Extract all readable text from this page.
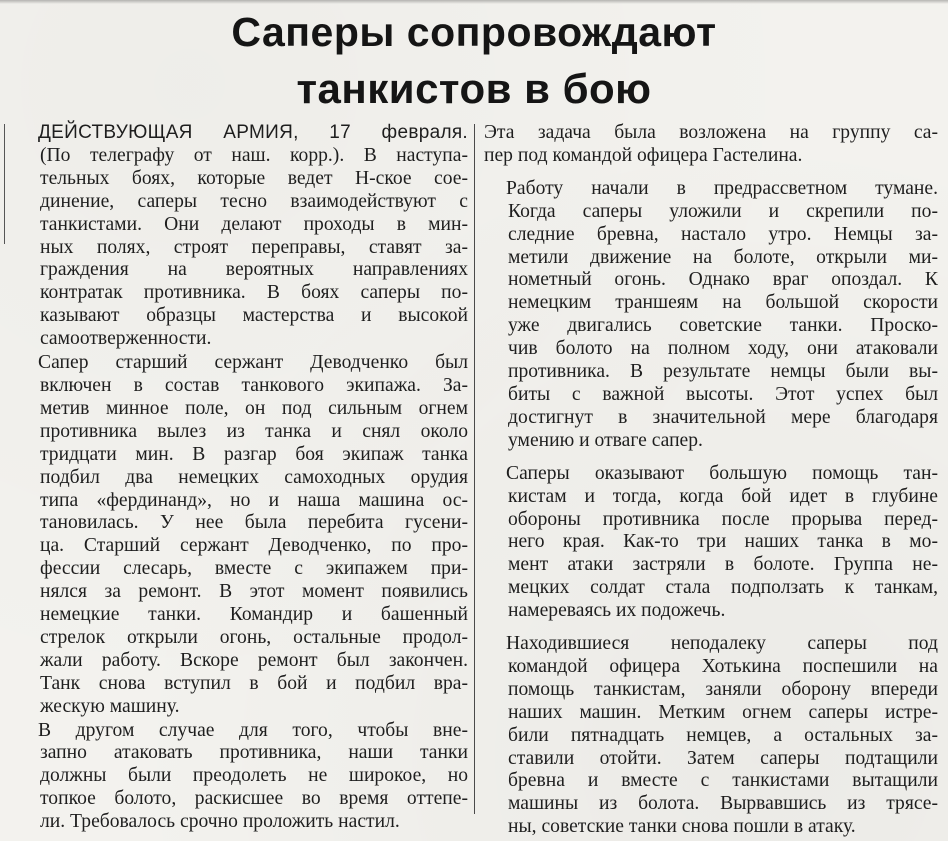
Саперы сопровождают
танкистов в бою

ДЕЙСТВУЮЩАЯ АРМИЯ, 17 февраля.
(По телеграфу от наш. корр.). В наступа-
тельных боях, которые ведет Н-ское сое-
динение, саперы тесно взаимодействуют с
танкистами. Они делают проходы в мин-
ных полях, строят переправы, ставят за-
граждения на вероятных направлениях
контратак противника. В боях саперы по-
казывают образцы мастерства и высокой
самоотверженности.

Сапер старший сержант Деводченко был
включен в состав танкового экипажа. За-
метив минное поле, он под сильным огнем
противника вылез из танка и снял около
тридцати мин. В разгар боя экипаж танка
подбил два немецких самоходных орудия
типа «фердинанд», но и наша машина ос-
тановилась. У нее была перебита гусени-
ца. Старший сержант Деводченко, по про-
фессии слесарь, вместе с экипажем при-
нялся за ремонт. В этот момент появились
немецкие танки. Командир и башенный
стрелок открыли огонь, остальные продол-
жали работу. Вскоре ремонт был закончен.
Танк снова вступил в бой и подбил вра-
жескую машину.

В другом случае для того, чтобы вне-
запно атаковать противника, наши танки
должны были преодолеть не широкое, но
топкое болото, раскисшее во время оттепе-
ли. Требовалось срочно проложить настил.

Эта задача была возложена на группу са-
пер под командой офицера Гастелина.

Работу начали в предрассветном тумане.
Когда саперы уложили и скрепили по-
следние бревна, настало утро. Немцы за-
метили движение на болоте, открыли ми-
нометный огонь. Однако враг опоздал. К
немецким траншеям на большой скорости
уже двигались советские танки. Проско-
чив болото на полном ходу, они атаковали
противника. В результате немцы были вы-
биты с важной высоты. Этот успех был
достигнут в значительной мере благодаря
умению и отваге сапер.

Саперы оказывают большую помощь тан-
кистам и тогда, когда бой идет в глубине
обороны противника после прорыва перед-
него края. Как-то три наших танка в мо-
мент атаки застряли в болоте. Группа не-
мецких солдат стала подползать к танкам,
намереваясь их подожечь.

Находившиеся неподалеку саперы под
командой офицера Хотькина поспешили на
помощь танкистам, заняли оборону впереди
наших машин. Метким огнем саперы истре-
били пятнадцать немцев, а остальных за-
ставили отойти. Затем саперы подтащили
бревна и вместе с танкистами вытащили
машины из болота. Вырвавшись из трясе-
ны, советские танки снова пошли в атаку.
